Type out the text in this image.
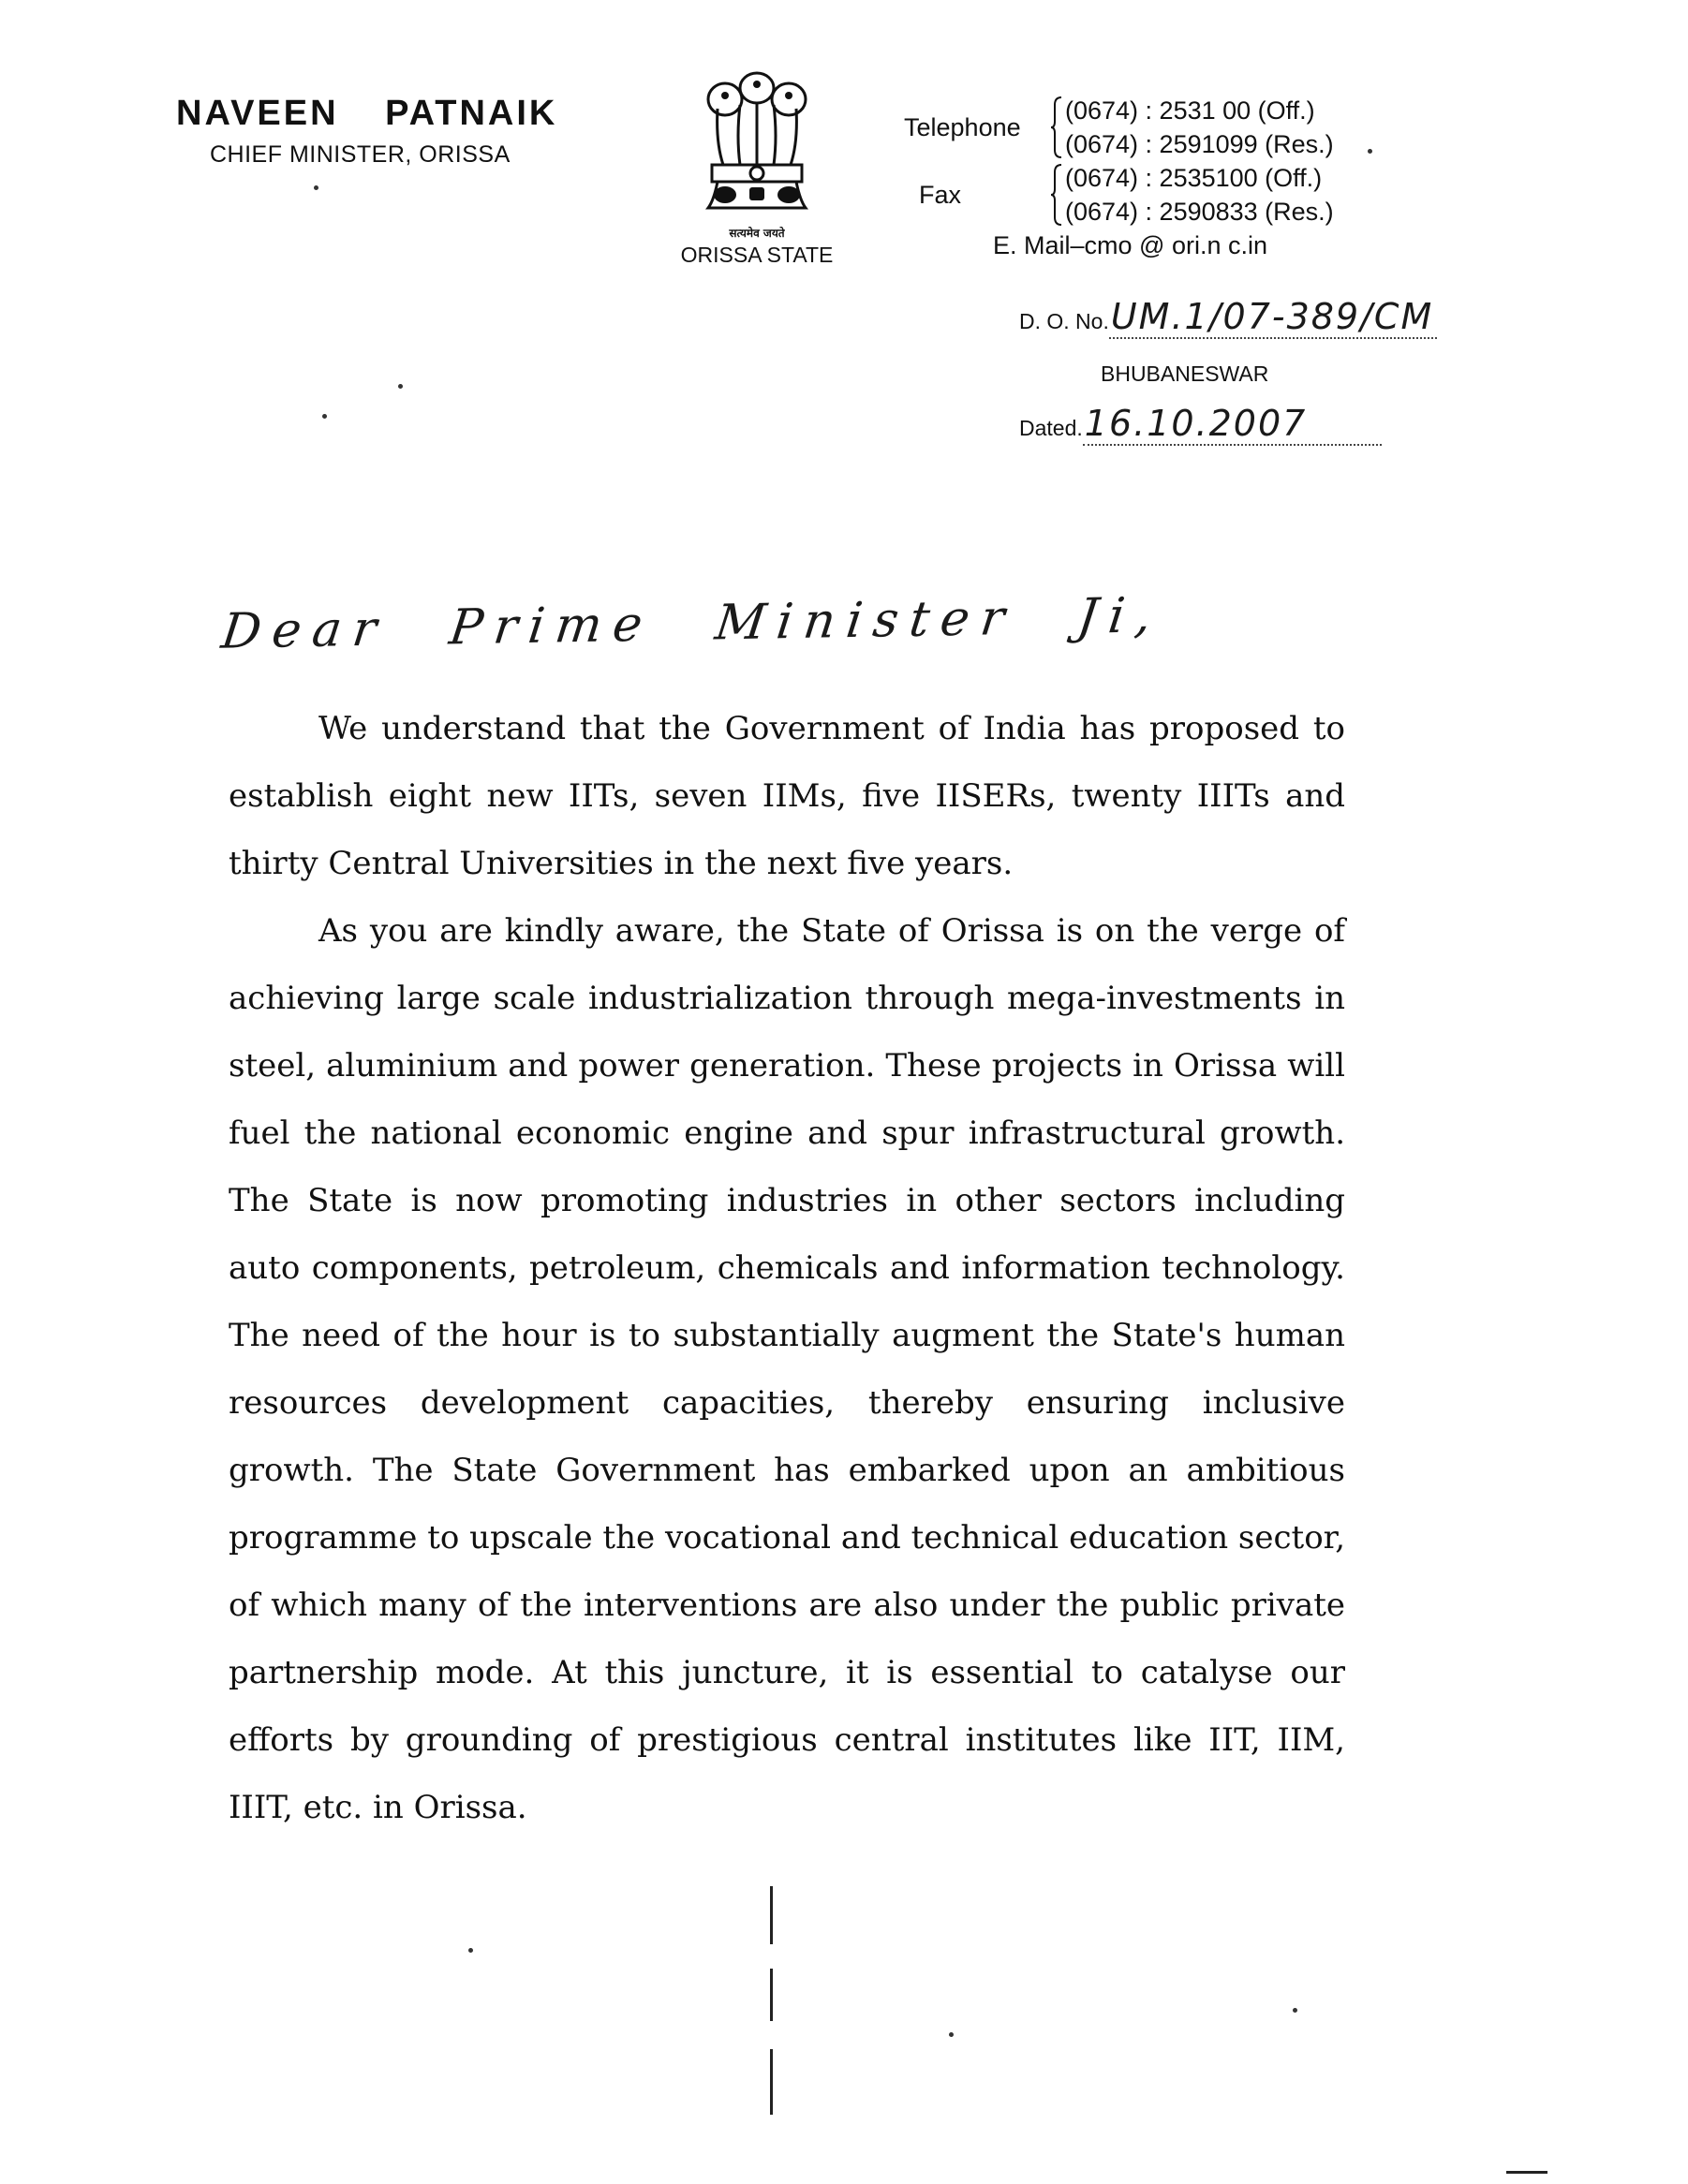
NAVEEN PATNAIK
CHIEF MINISTER, ORISSA
सत्यमेव जयते
ORISSA STATE
Telephone
(0674) : 2531 00 (Off.)
(0674) : 2591099 (Res.)
Fax
(0674) : 2535100 (Off.)
(0674) : 2590833 (Res.)
E. Mail–cmo @ ori.n c.in
D. O. No.UM.1/07-389/CM
BHUBANESWAR
Dated.16.10.2007
Dear Prime Minister Ji,

We understand that the Government of India has proposed to establish eight new IITs, seven IIMs, five IISERs, twenty IIITs and thirty Central Universities in the next five years.

As you are kindly aware, the State of Orissa is on the verge of achieving large scale industrialization through mega-investments in steel, aluminium and power generation. These projects in Orissa will fuel the national economic engine and spur infrastructural growth. The State is now promoting industries in other sectors including auto components, petroleum, chemicals and information technology. The need of the hour is to substantially augment the State's human resources development capacities, thereby ensuring inclusive growth. The State Government has embarked upon an ambitious programme to upscale the vocational and technical education sector, of which many of the interventions are also under the public private partnership mode. At this juncture, it is essential to catalyse our efforts by grounding of prestigious central institutes like IIT, IIM, IIIT, etc. in Orissa.
